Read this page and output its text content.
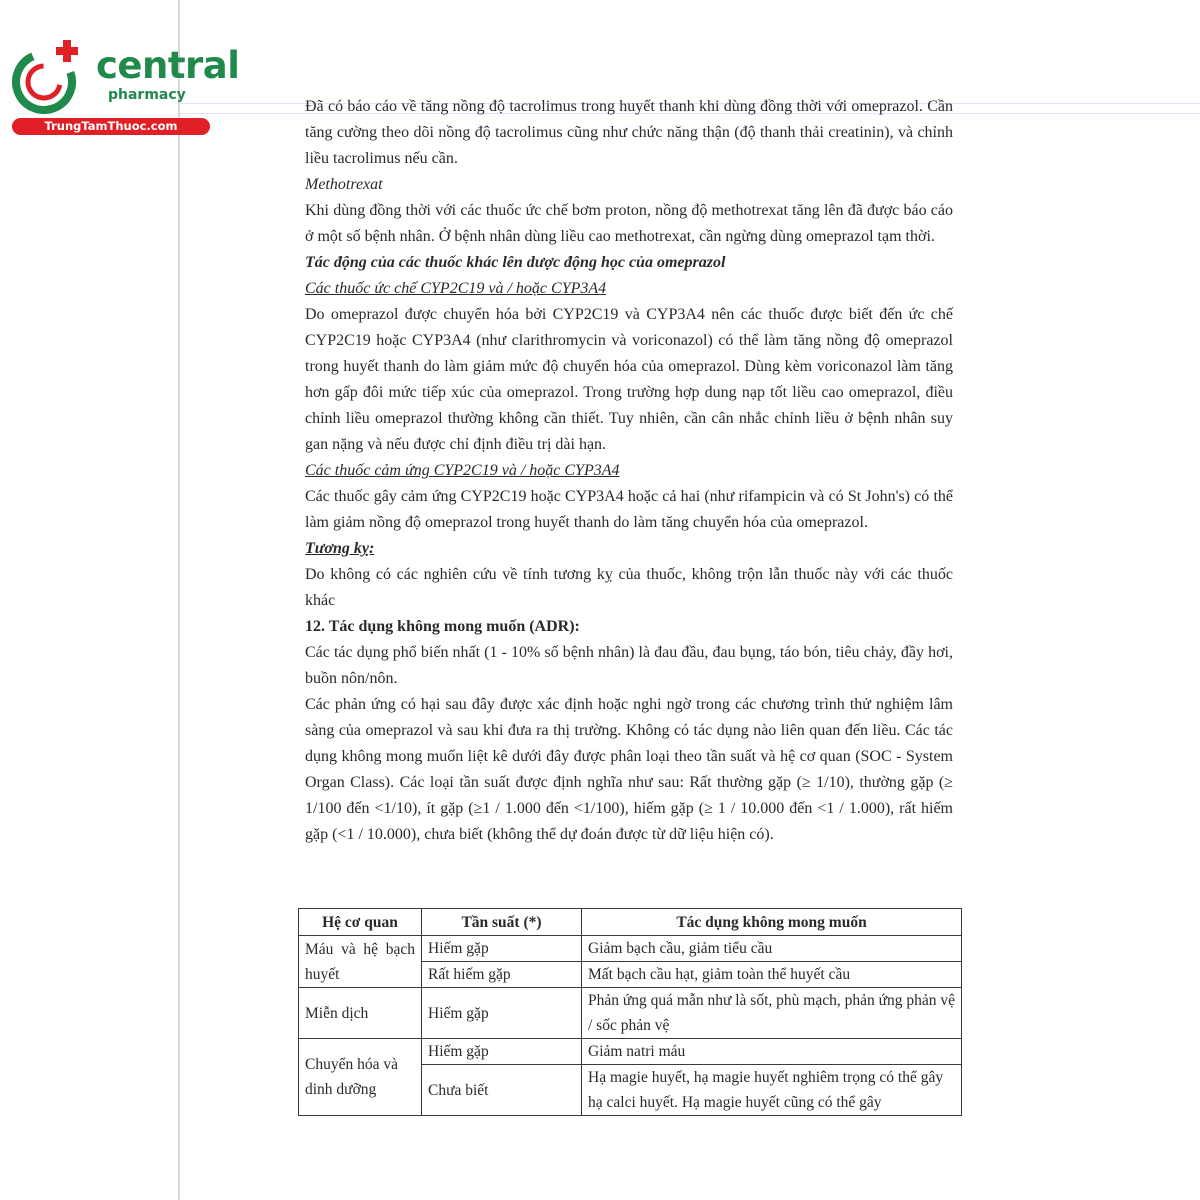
central
pharmacy
TrungTamThuoc.com

Đã có báo cáo về tăng nồng độ tacrolimus trong huyết thanh khi dùng đồng thời với omeprazol. Cần tăng cường theo dõi nồng độ tacrolimus cũng như chức năng thận (độ thanh thải creatinin), và chỉnh liều tacrolimus nếu cần.

Methotrexat

Khi dùng đồng thời với các thuốc ức chế bơm proton, nồng độ methotrexat tăng lên đã được báo cáo ở một số bệnh nhân. Ở bệnh nhân dùng liều cao methotrexat, cần ngừng dùng omeprazol tạm thời.

Tác động của các thuốc khác lên dược động học của omeprazol

Các thuốc ức chế CYP2C19 và / hoặc CYP3A4

Do omeprazol được chuyển hóa bởi CYP2C19 và CYP3A4 nên các thuốc được biết đến ức chế CYP2C19 hoặc CYP3A4 (như clarithromycin và voriconazol) có thể làm tăng nồng độ omeprazol trong huyết thanh do làm giảm mức độ chuyển hóa của omeprazol. Dùng kèm voriconazol làm tăng hơn gấp đôi mức tiếp xúc của omeprazol. Trong trường hợp dung nạp tốt liều cao omeprazol, điều chỉnh liều omeprazol thường không cần thiết. Tuy nhiên, cần cân nhắc chỉnh liều ở bệnh nhân suy gan nặng và nếu được chỉ định điều trị dài hạn.

Các thuốc cảm ứng CYP2C19 và / hoặc CYP3A4

Các thuốc gây cảm ứng CYP2C19 hoặc CYP3A4 hoặc cả hai (như rifampicin và có St John's) có thể làm giảm nồng độ omeprazol trong huyết thanh do làm tăng chuyển hóa của omeprazol.

Tương kỵ:

Do không có các nghiên cứu về tính tương kỵ của thuốc, không trộn lẫn thuốc này với các thuốc khác

12. Tác dụng không mong muốn (ADR):

Các tác dụng phổ biến nhất (1 - 10% số bệnh nhân) là đau đầu, đau bụng, táo bón, tiêu chảy, đầy hơi, buồn nôn/nôn.

Các phản ứng có hại sau đây được xác định hoặc nghi ngờ trong các chương trình thử nghiệm lâm sàng của omeprazol và sau khi đưa ra thị trường. Không có tác dụng nào liên quan đến liều. Các tác dụng không mong muốn liệt kê dưới đây được phân loại theo tần suất và hệ cơ quan (SOC - System Organ Class). Các loại tần suất được định nghĩa như sau: Rất thường gặp (≥ 1/10), thường gặp (≥ 1/100 đến <1/10), ít gặp (≥1 / 1.000 đến <1/100), hiếm gặp (≥ 1 / 10.000 đến <1 / 1.000), rất hiếm gặp (<1 / 10.000), chưa biết (không thể dự đoán được từ dữ liệu hiện có).

Hệ cơ quan	Tần suất (*)	Tác dụng không mong muốn
Máu và hệ bạch huyết	Hiếm gặp	Giảm bạch cầu, giảm tiểu cầu
	Rất hiếm gặp	Mất bạch cầu hạt, giảm toàn thể huyết cầu
Miễn dịch	Hiếm gặp	Phản ứng quá mẫn như là sốt, phù mạch, phản ứng phản vệ / sốc phản vệ
Chuyển hóa và dinh dưỡng	Hiếm gặp	Giảm natri máu
	Chưa biết	Hạ magie huyết, hạ magie huyết nghiêm trọng có thể gây hạ calci huyết. Hạ magie huyết cũng có thể gây
